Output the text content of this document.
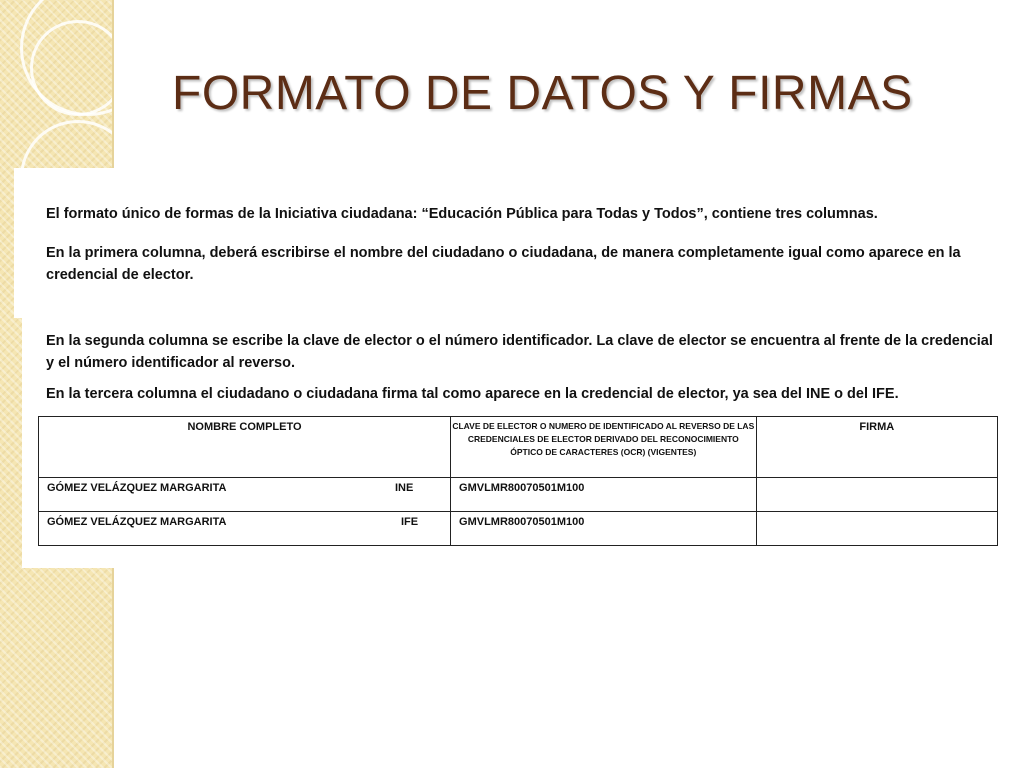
FORMATO DE DATOS Y FIRMAS

El formato único de formas de la Iniciativa ciudadana: “Educación Pública para Todas y Todos”, contiene tres columnas.

En la primera columna, deberá escribirse el nombre del ciudadano o ciudadana, de manera completamente igual como aparece en la credencial de elector.

En la segunda columna se escribe la clave de elector o el número identificador. La clave de elector se encuentra al frente de la credencial y el número identificador al reverso.

En la tercera columna el ciudadano o ciudadana firma tal como aparece en la credencial de elector, ya sea del INE o del IFE.

NOMBRE COMPLETO	CLAVE DE ELECTOR O NUMERO DE IDENTIFICADO AL REVERSO DE LAS CREDENCIALES DE ELECTOR DERIVADO DEL RECONOCIMIENTO ÓPTICO DE CARACTERES (OCR) (VIGENTES)	FIRMA

GÓMEZ VELÁZQUEZ MARGARITA INE	GMVLMR80070501M100	

GÓMEZ VELÁZQUEZ MARGARITA IFE	GMVLMR80070501M100	
